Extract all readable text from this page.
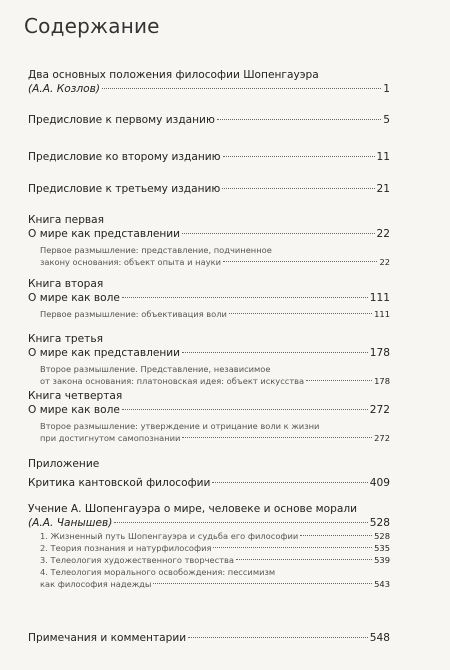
Содержание
Два основных положения философии Шопенгауэра
(А.А. Козлов)	1
Предисловие к первому изданию	5
Предисловие ко второму изданию	11
Предисловие к третьему изданию	21
Книга первая
О мире как представлении	22
Первое размышление: представление, подчиненное
закону основания: объект опыта и науки	22
Книга вторая
О мире как воле	111
Первое размышление: объективация воли	111
Книга третья
О мире как представлении	178
Второе размышление. Представление, независимое
от закона основания: платоновская идея: объект искусства	178
Книга четвертая
О мире как воле	272
Второе размышление: утверждение и отрицание воли к жизни
при достигнутом самопознании	272
Приложение
Критика кантовской философии	409
Учение А. Шопенгауэра о мире, человеке и основе морали
(А.А. Чанышев)	528
1. Жизненный путь Шопенгауэра и судьба его философии	528
2. Теория познания и натурфилософия	535
3. Телеология художественного творчества	539
4. Телеология морального освобождения: пессимизм
как философия надежды	543
Примечания и комментарии	548
